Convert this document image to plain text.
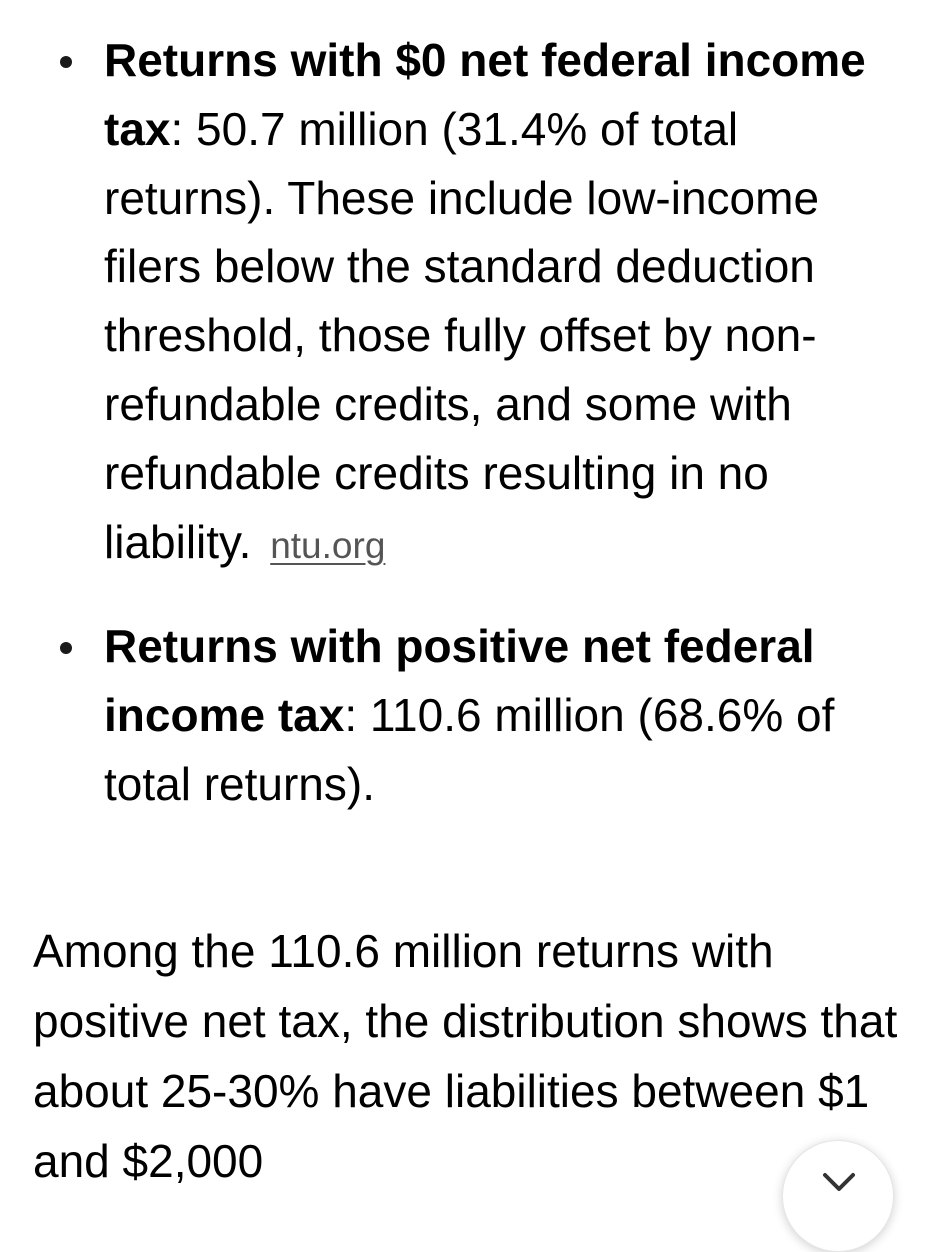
Returns with $0 net federal income tax: 50.7 million (31.4% of total returns). These include low-income filers below the standard deduction threshold, those fully offset by non-refundable credits, and some with refundable credits resulting in no liability. ntu.org
Returns with positive net federal income tax: 110.6 million (68.6% of total returns).

Among the 110.6 million returns with positive net tax, the distribution shows that about 25-30% have liabilities between $1 and $2,000
